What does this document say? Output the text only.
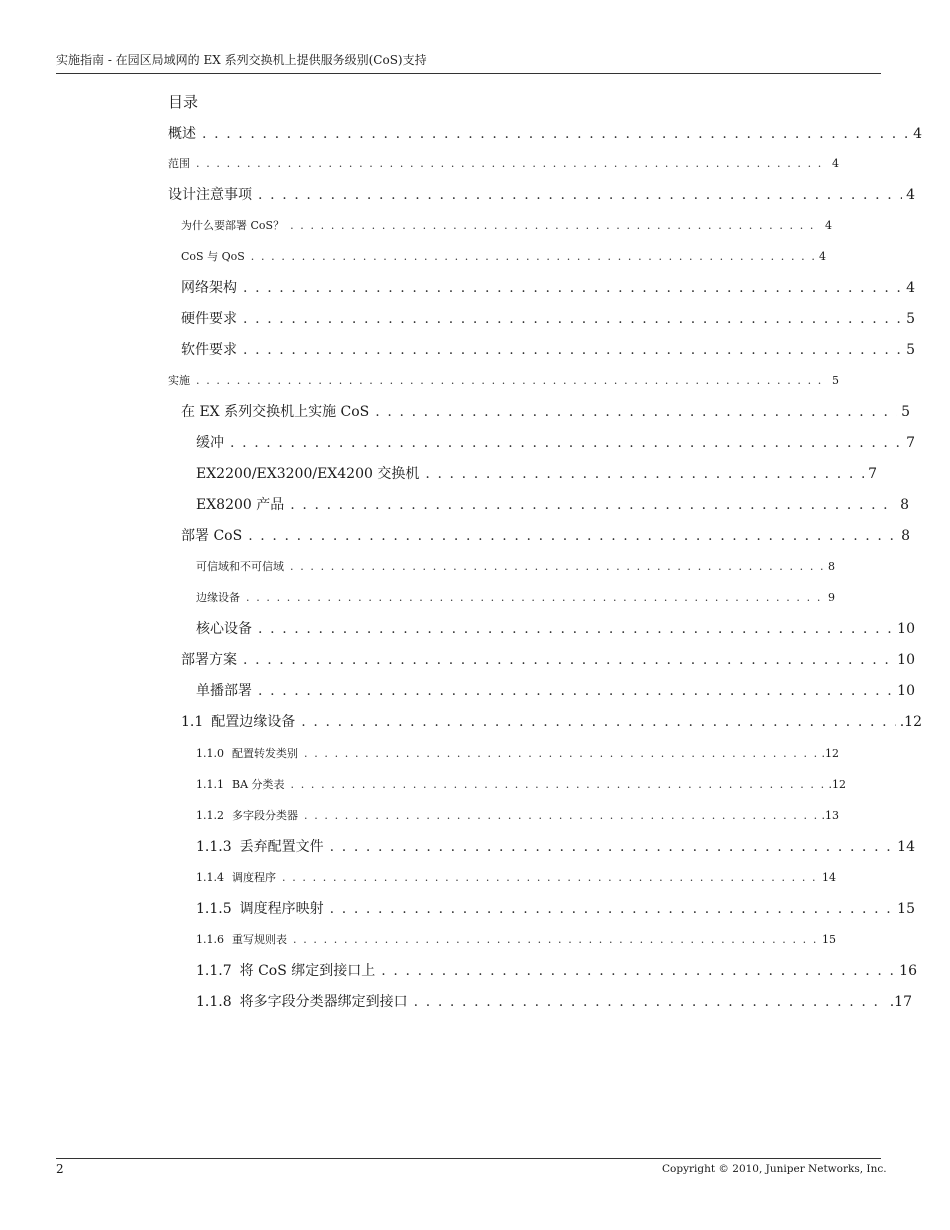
实施指南 - 在园区局域网的 EX 系列交换机上提供服务级别(CoS)支持
目录
概述 . . .	4
范围 . . .	4
设计注意事项 . . .	4
为什么要部署 CoS？ . . .	4
CoS 与 QoS . . .	4
网络架构 . . .	4
硬件要求 . . .	5
软件要求 . . .	5
实施 . . .	5
在 EX 系列交换机上实施 CoS . . .	5
缓冲 . . .	7
EX2200/EX3200/EX4200 交换机 . . .	7
EX8200 产品 . . .	8
部署 CoS . . .	8
可信域和不可信域 . . .	8
边缘设备 . . .	9
核心设备 . . .	10
部署方案 . . .	10
单播部署 . . .	10
1.1 配置边缘设备 . . .	.12
1.1.0 配置转发类别 . . .	.12
1.1.1 BA 分类表 . . .	.12
1.1.2 多字段分类器 . . .	.13
1.1.3 丢弃配置文件 . . .	14
1.1.4 调度程序 . . .	14
1.1.5 调度程序映射 . . .	15
1.1.6 重写规则表 . . .	15
1.1.7 将 CoS 绑定到接口上 . . .	16
1.1.8 将多字段分类器绑定到接口 . . .	.17
2	Copyright © 2010, Juniper Networks, Inc.
